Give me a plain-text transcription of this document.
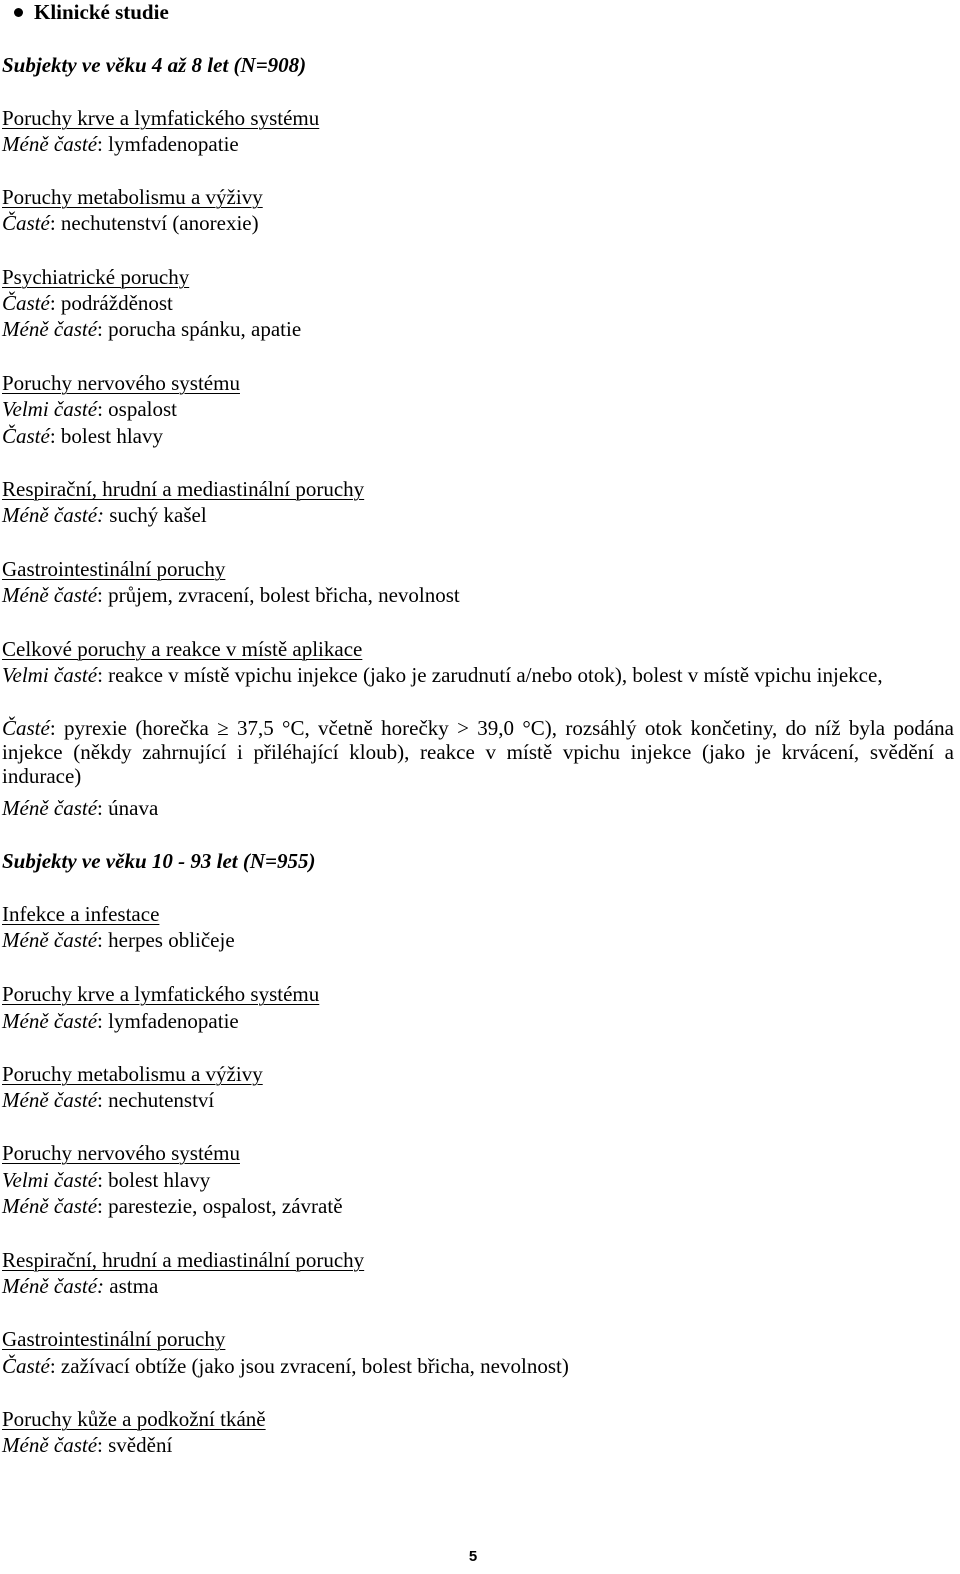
Klinické studie
Subjekty ve věku 4 až 8 let (N=908)
Poruchy krve a lymfatického systému
Méně časté: lymfadenopatie
Poruchy metabolismu a výživy
Časté: nechutenství (anorexie)
Psychiatrické poruchy
Časté: podrážděnost
Méně časté: porucha spánku, apatie
Poruchy nervového systému
Velmi časté: ospalost
Časté: bolest hlavy
Respirační, hrudní a mediastinální poruchy
Méně časté: suchý kašel
Gastrointestinální poruchy
Méně časté: průjem, zvracení, bolest břicha, nevolnost
Celkové poruchy a reakce v místě aplikace
Velmi časté: reakce v místě vpichu injekce (jako je zarudnutí a/nebo otok), bolest v místě vpichu injekce,
Časté: pyrexie (horečka ≥ 37,5 °C, včetně horečky > 39,0 °C), rozsáhlý otok končetiny, do níž byla podána injekce (někdy zahrnující i přiléhající kloub), reakce v místě vpichu injekce (jako je krvácení, svědění a indurace)
Méně časté: únava
Subjekty ve věku 10 - 93 let (N=955)
Infekce a infestace
Méně časté: herpes obličeje
Poruchy krve a lymfatického systému
Méně časté: lymfadenopatie
Poruchy metabolismu a výživy
Méně časté: nechutenství
Poruchy nervového systému
Velmi časté: bolest hlavy
Méně časté: parestezie, ospalost, závratě
Respirační, hrudní a mediastinální poruchy
Méně časté: astma
Gastrointestinální poruchy
Časté: zažívací obtíže (jako jsou zvracení, bolest břicha, nevolnost)
Poruchy kůže a podkožní tkáně
Méně časté: svědění
5
